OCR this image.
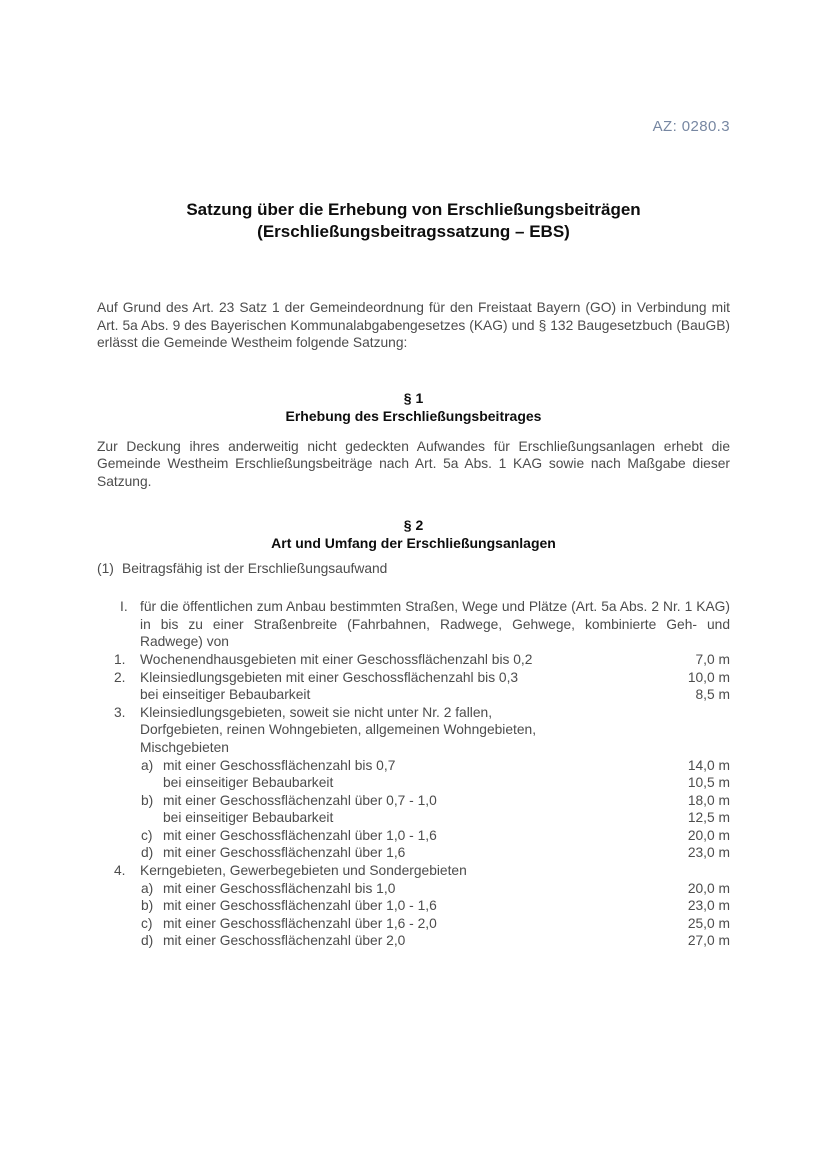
AZ: 0280.3
Satzung über die Erhebung von Erschließungsbeiträgen
(Erschließungsbeitragssatzung – EBS)
Auf Grund des Art. 23 Satz 1 der Gemeindeordnung für den Freistaat Bayern (GO) in Verbindung mit Art. 5a Abs. 9 des Bayerischen Kommunalabgabengesetzes (KAG) und § 132 Baugesetzbuch (BauGB) erlässt die Gemeinde Westheim folgende Satzung:
§ 1
Erhebung des Erschließungsbeitrages
Zur Deckung ihres anderweitig nicht gedeckten Aufwandes für Erschließungsanlagen erhebt die Gemeinde Westheim Erschließungsbeiträge nach Art. 5a Abs. 1 KAG sowie nach Maßgabe dieser Satzung.
§ 2
Art und Umfang der Erschließungsanlagen
(1) Beitragsfähig ist der Erschließungsaufwand
I. für die öffentlichen zum Anbau bestimmten Straßen, Wege und Plätze (Art. 5a Abs. 2 Nr. 1 KAG) in bis zu einer Straßenbreite (Fahrbahnen, Radwege, Gehwege, kombinierte Geh- und Radwege) von
1.	Wochenendhausgebieten mit einer Geschossflächenzahl bis 0,2	7,0 m
2.	Kleinsiedlungsgebieten mit einer Geschossflächenzahl bis 0,3	10,0 m
bei einseitiger Bebaubarkeit	8,5 m
3.	Kleinsiedlungsgebieten, soweit sie nicht unter Nr. 2 fallen,
Dorfgebieten, reinen Wohngebieten, allgemeinen Wohngebieten,
Mischgebieten
a) mit einer Geschossflächenzahl bis 0,7	14,0 m
bei einseitiger Bebaubarkeit	10,5 m
b) mit einer Geschossflächenzahl über 0,7 - 1,0	18,0 m
bei einseitiger Bebaubarkeit	12,5 m
c) mit einer Geschossflächenzahl über 1,0 - 1,6	20,0 m
d) mit einer Geschossflächenzahl über 1,6	23,0 m
4.	Kerngebieten, Gewerbegebieten und Sondergebieten
a) mit einer Geschossflächenzahl bis 1,0	20,0 m
b) mit einer Geschossflächenzahl über 1,0 - 1,6	23,0 m
c) mit einer Geschossflächenzahl über 1,6 - 2,0	25,0 m
d) mit einer Geschossflächenzahl über 2,0	27,0 m
